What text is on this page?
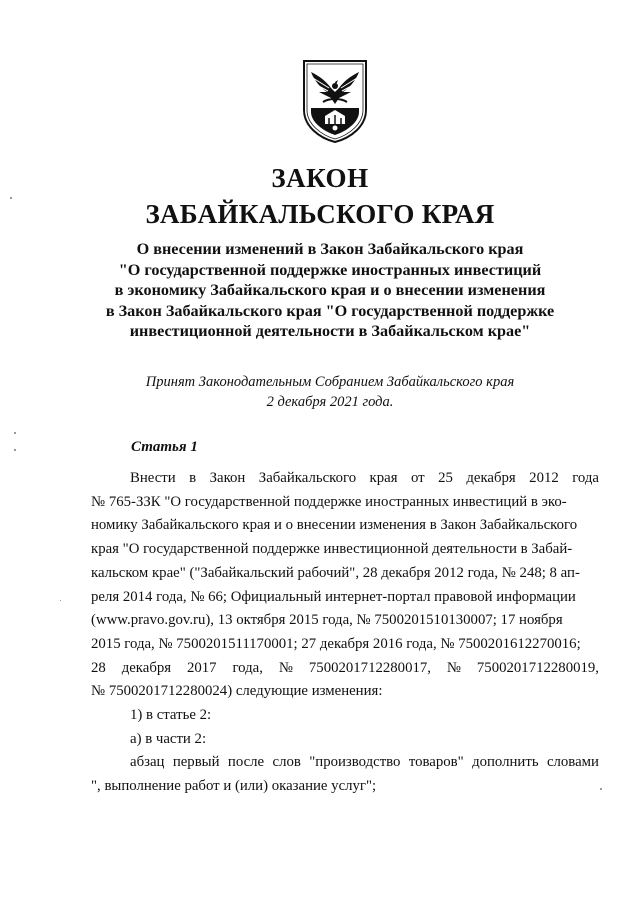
ЗАКОН
ЗАБАЙКАЛЬСКОГО КРАЯ
О внесении изменений в Закон Забайкальского края
"О государственной поддержке иностранных инвестиций
в экономику Забайкальского края и о внесении изменения
в Закон Забайкальского края "О государственной поддержке
инвестиционной деятельности в Забайкальском крае"
Принят Законодательным Собранием Забайкальского края
2 декабря 2021 года.
Статья 1
Внести в Закон Забайкальского края от 25 декабря 2012 года
№ 765-ЗЗК "О государственной поддержке иностранных инвестиций в эко-
номику Забайкальского края и о внесении изменения в Закон Забайкальского
края "О государственной поддержке инвестиционной деятельности в Забай-
кальском крае" ("Забайкальский рабочий", 28 декабря 2012 года, № 248; 8 ап-
реля 2014 года, № 66; Официальный интернет-портал правовой информации
(www.pravo.gov.ru), 13 октября 2015 года, № 7500201510130007; 17 ноября
2015 года, № 7500201511170001; 27 декабря 2016 года, № 7500201612270016;
28 декабря 2017 года, № 7500201712280017, № 7500201712280019,
№ 7500201712280024) следующие изменения:
1) в статье 2:
а) в части 2:
абзац первый после слов "производство товаров" дополнить словами
", выполнение работ и (или) оказание услуг";
